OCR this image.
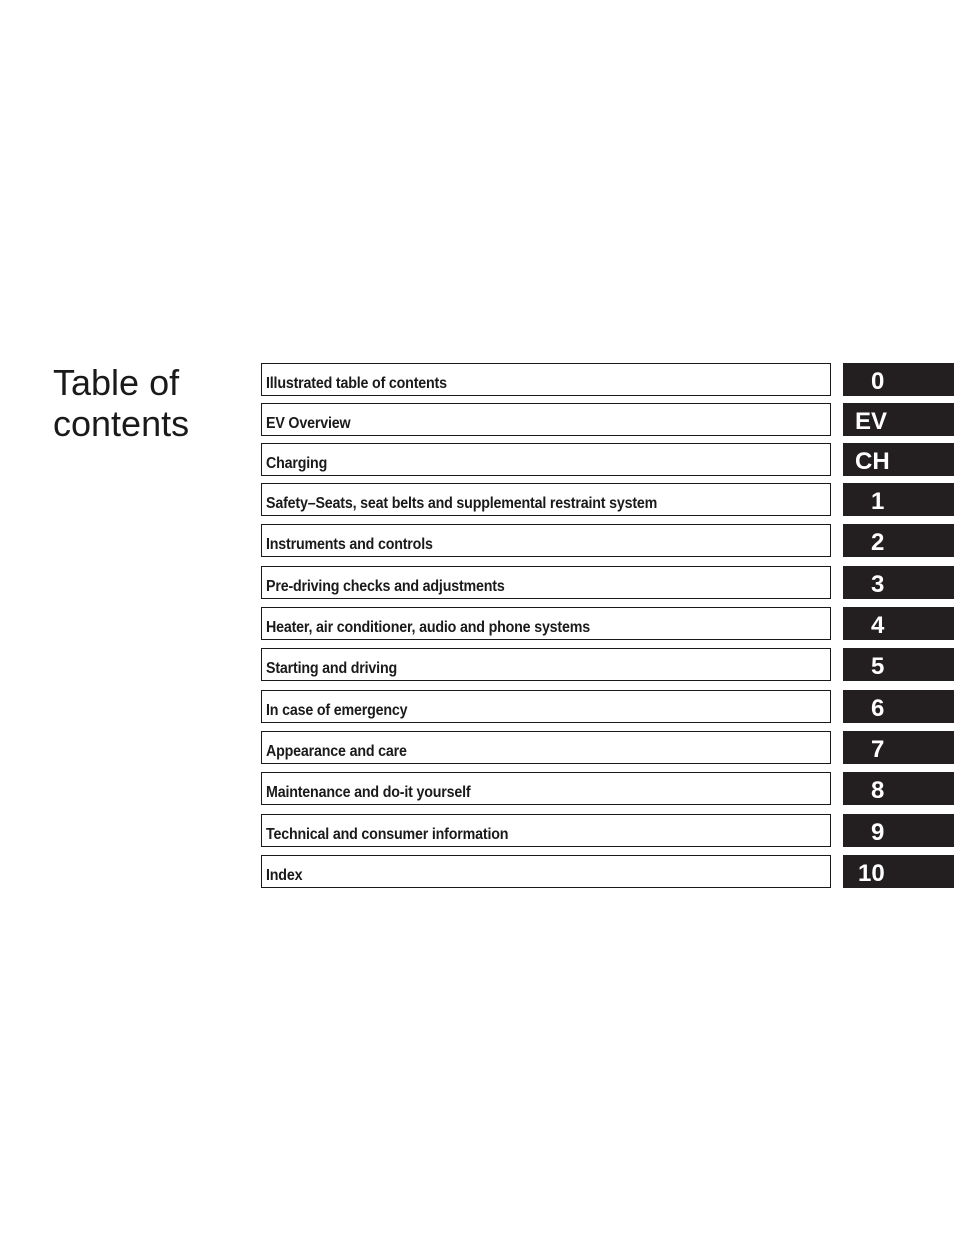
Table of
contents
Illustrated table of contents	0
EV Overview	EV
Charging	CH
Safety–Seats, seat belts and supplemental restraint system	1
Instruments and controls	2
Pre-driving checks and adjustments	3
Heater, air conditioner, audio and phone systems	4
Starting and driving	5
In case of emergency	6
Appearance and care	7
Maintenance and do-it yourself	8
Technical and consumer information	9
Index	10
